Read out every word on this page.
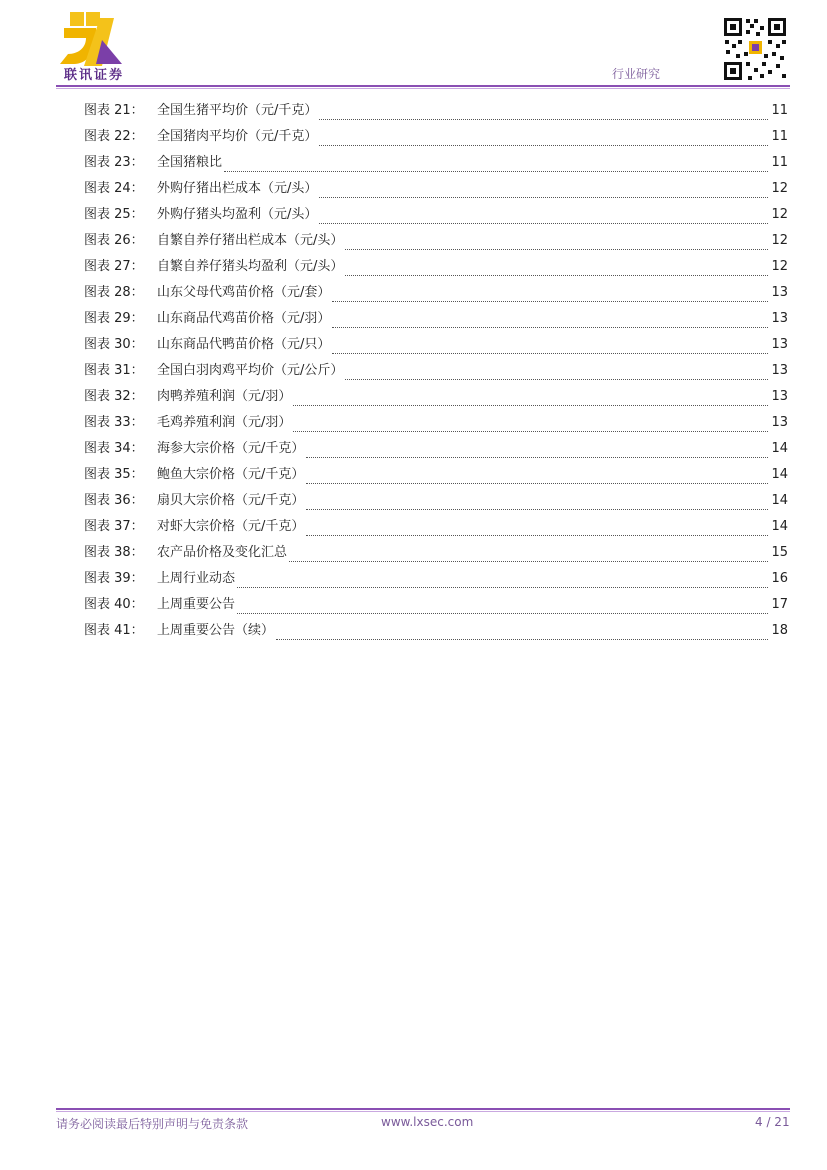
联讯证券	行业研究
图表 21：	全国生猪平均价（元/千克）	11
图表 22：	全国猪肉平均价（元/千克）	11
图表 23：	全国猪粮比	11
图表 24：	外购仔猪出栏成本（元/头）	12
图表 25：	外购仔猪头均盈利（元/头）	12
图表 26：	自繁自养仔猪出栏成本（元/头）	12
图表 27：	自繁自养仔猪头均盈利（元/头）	12
图表 28：	山东父母代鸡苗价格（元/套）	13
图表 29：	山东商品代鸡苗价格（元/羽）	13
图表 30：	山东商品代鸭苗价格（元/只）	13
图表 31：	全国白羽肉鸡平均价（元/公斤）	13
图表 32：	肉鸭养殖利润（元/羽）	13
图表 33：	毛鸡养殖利润（元/羽）	13
图表 34：	海参大宗价格（元/千克）	14
图表 35：	鲍鱼大宗价格（元/千克）	14
图表 36：	扇贝大宗价格（元/千克）	14
图表 37：	对虾大宗价格（元/千克）	14
图表 38：	农产品价格及变化汇总	15
图表 39：	上周行业动态	16
图表 40：	上周重要公告	17
图表 41：	上周重要公告（续）	18
请务必阅读最后特别声明与免责条款	www.lxsec.com	4 / 21
